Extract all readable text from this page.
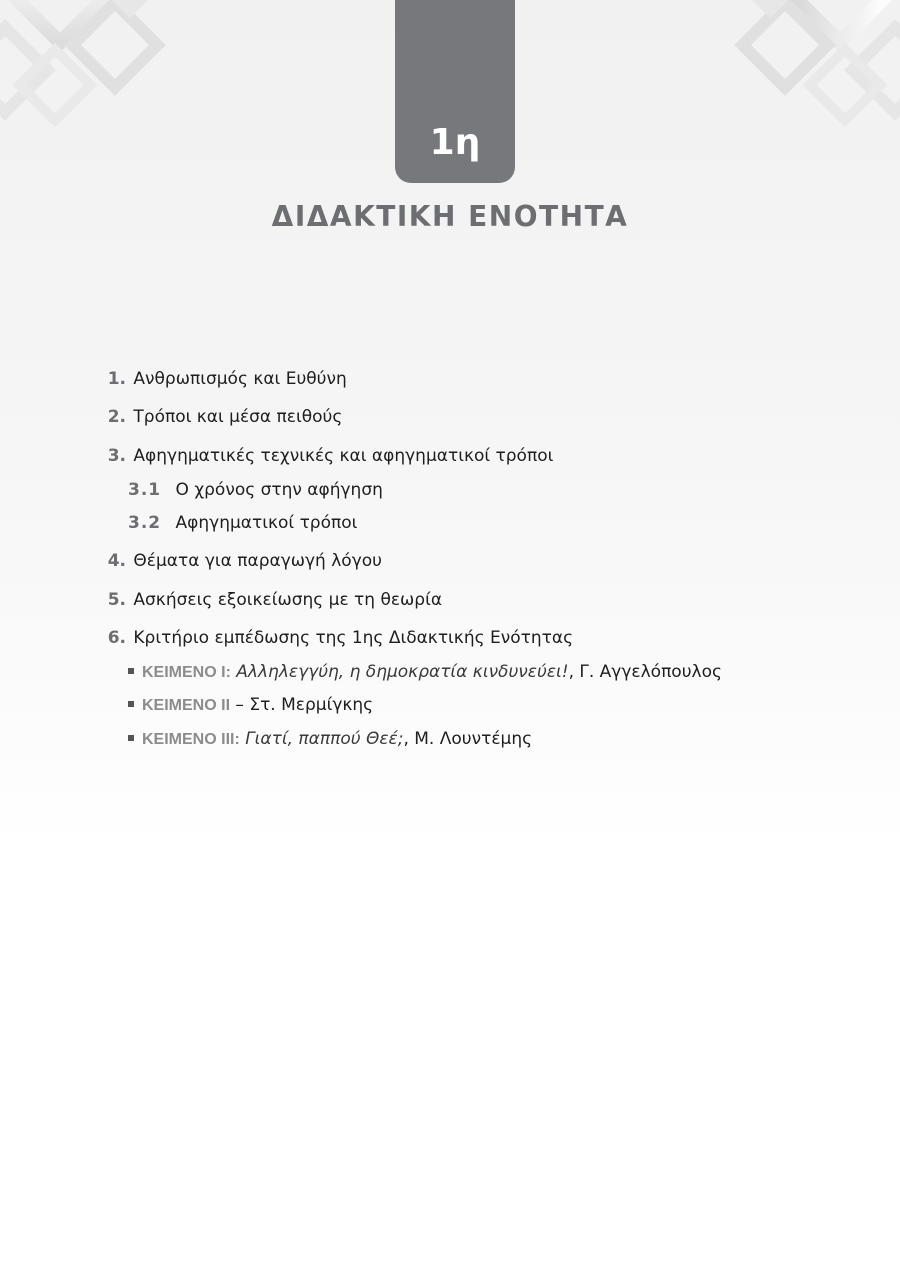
1η
ΔΙΔΑΚΤΙΚΗ ΕΝΟΤΗΤΑ
1. Ανθρωπισμός και Ευθύνη
2. Τρόποι και μέσα πειθούς
3. Αφηγηματικές τεχνικές και αφηγηματικοί τρόποι
3.1 Ο χρόνος στην αφήγηση
3.2 Αφηγηματικοί τρόποι
4. Θέματα για παραγωγή λόγου
5. Ασκήσεις εξοικείωσης με τη θεωρία
6. Κριτήριο εμπέδωσης της 1ης Διδακτικής Ενότητας
ΚΕΙΜΕΝΟ Ι: Αλληλεγγύη, η δημοκρατία κινδυνεύει!, Γ. Αγγελόπουλος
ΚΕΙΜΕΝΟ ΙΙ – Στ. Μερμίγκης
ΚΕΙΜΕΝΟ ΙΙΙ: Γιατί, παππού Θεέ;, Μ. Λουντέμης
